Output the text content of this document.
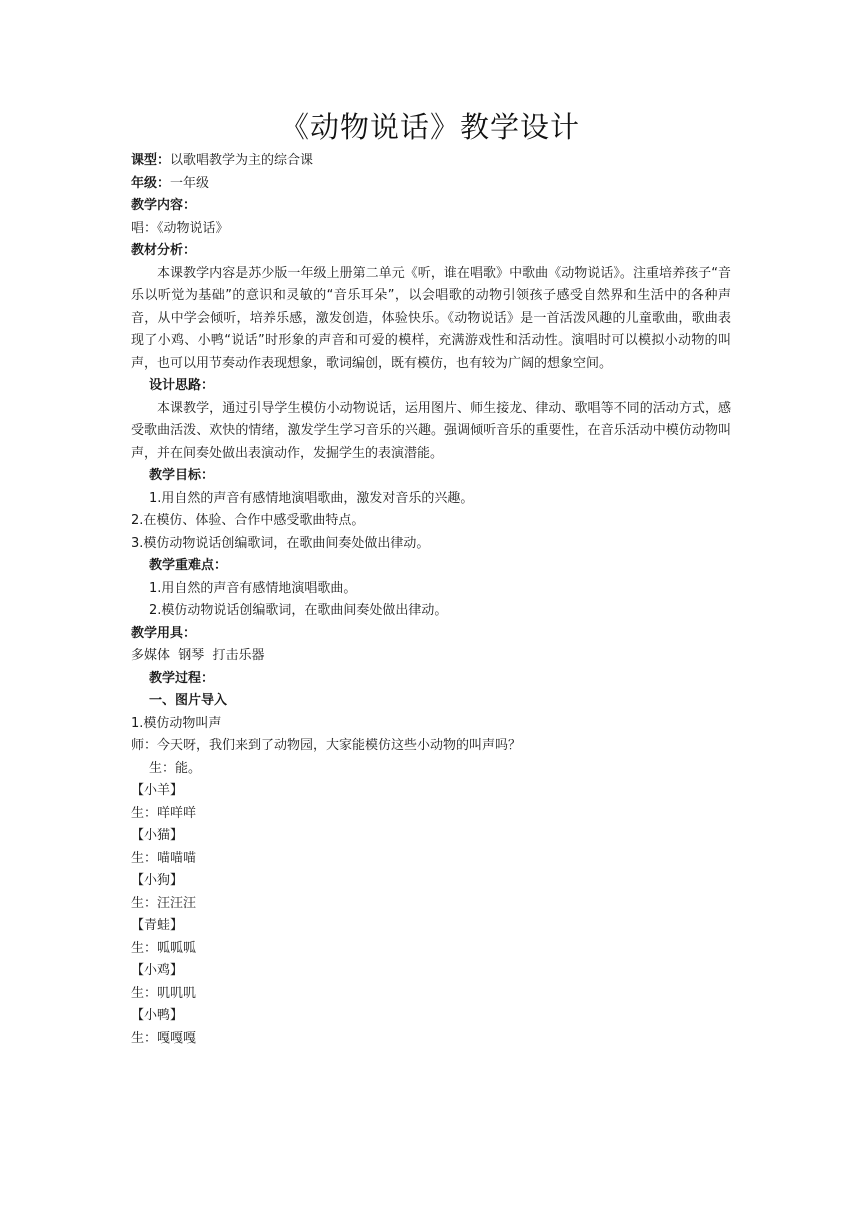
《动物说话》教学设计
课型：以歌唱教学为主的综合课
年级：一年级
教学内容：
唱：《动物说话》
教材分析：

本课教学内容是苏少版一年级上册第二单元《听，谁在唱歌》中歌曲《动物说话》。注重培养孩子“音乐以听觉为基础”的意识和灵敏的“音乐耳朵”，以会唱歌的动物引领孩子感受自然界和生活中的各种声音，从中学会倾听，培养乐感，激发创造，体验快乐。《动物说话》是一首活泼风趣的儿童歌曲，歌曲表现了小鸡、小鸭“说话”时形象的声音和可爱的模样，充满游戏性和活动性。演唱时可以模拟小动物的叫声，也可以用节奏动作表现想象，歌词编创，既有模仿，也有较为广阔的想象空间。

设计思路：

本课教学，通过引导学生模仿小动物说话，运用图片、师生接龙、律动、歌唱等不同的活动方式，感受歌曲活泼、欢快的情绪，激发学生学习音乐的兴趣。强调倾听音乐的重要性，在音乐活动中模仿动物叫声，并在间奏处做出表演动作，发掘学生的表演潜能。

教学目标：
1.用自然的声音有感情地演唱歌曲，激发对音乐的兴趣。
2.在模仿、体验、合作中感受歌曲特点。
3.模仿动物说话创编歌词，在歌曲间奏处做出律动。
教学重难点：
1.用自然的声音有感情地演唱歌曲。
2.模仿动物说话创编歌词，在歌曲间奏处做出律动。
教学用具：
多媒体  钢琴  打击乐器
教学过程：
一、图片导入
1.模仿动物叫声
师：今天呀，我们来到了动物园，大家能模仿这些小动物的叫声吗？
生：能。
【小羊】
生：咩咩咩
【小猫】
生：喵喵喵
【小狗】
生：汪汪汪
【青蛙】
生：呱呱呱
【小鸡】
生：叽叽叽
【小鸭】
生：嘎嘎嘎
